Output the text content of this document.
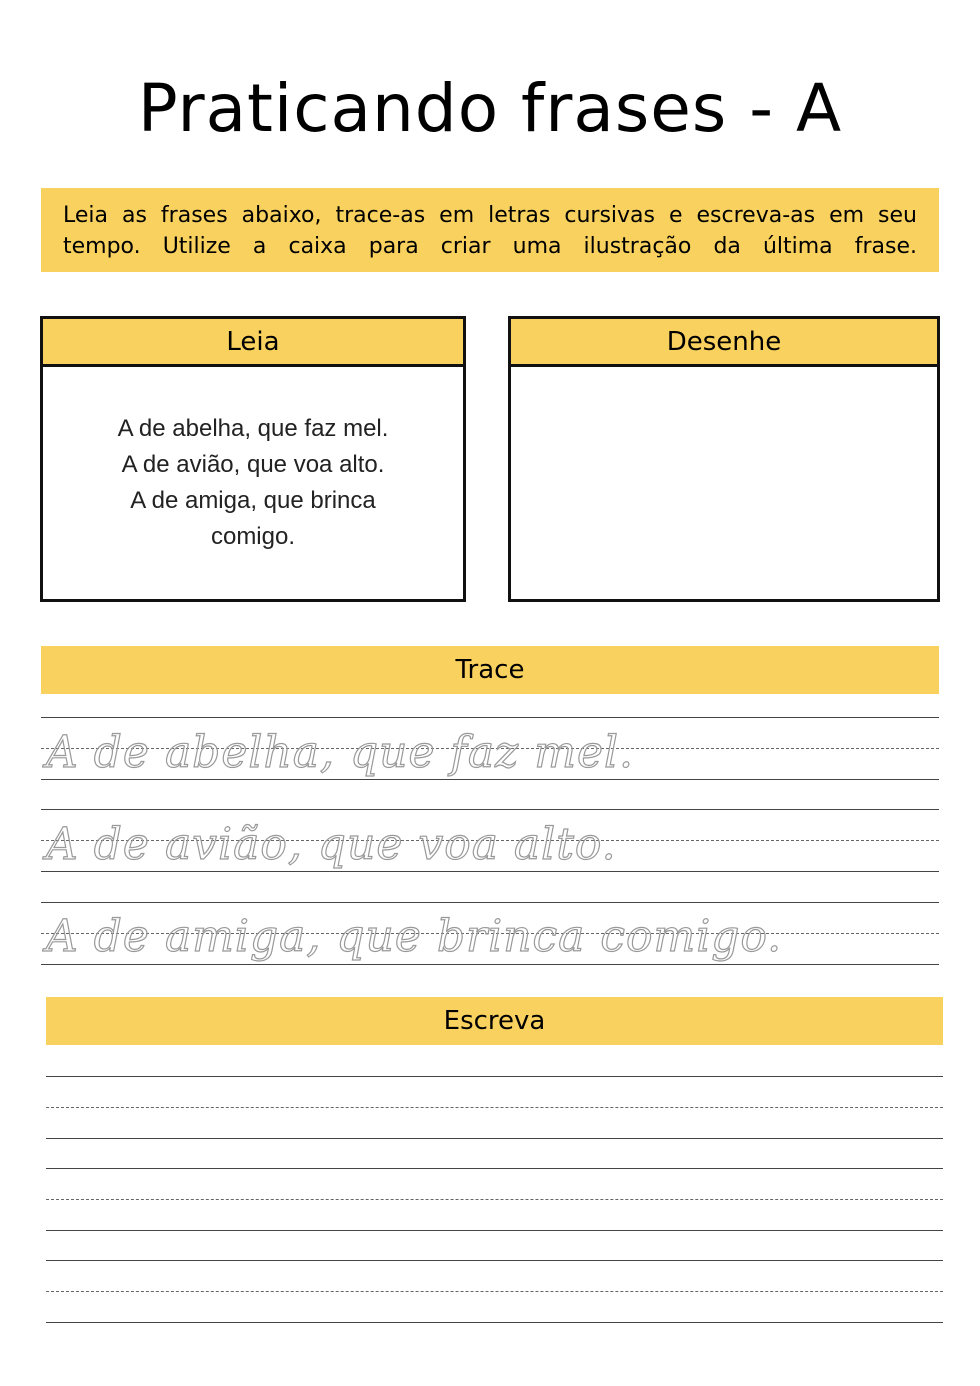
Praticando frases - A
Leia as frases abaixo, trace-as em letras cursivas e escreva-as em seu tempo. Utilize a caixa para criar uma ilustração da última frase.
Leia
A de abelha, que faz mel.
A de avião, que voa alto.
A de amiga, que brinca
comigo.
Desenhe
Trace
A de abelha, que faz mel.
A de avião, que voa alto.
A de amiga, que brinca comigo.
Escreva
